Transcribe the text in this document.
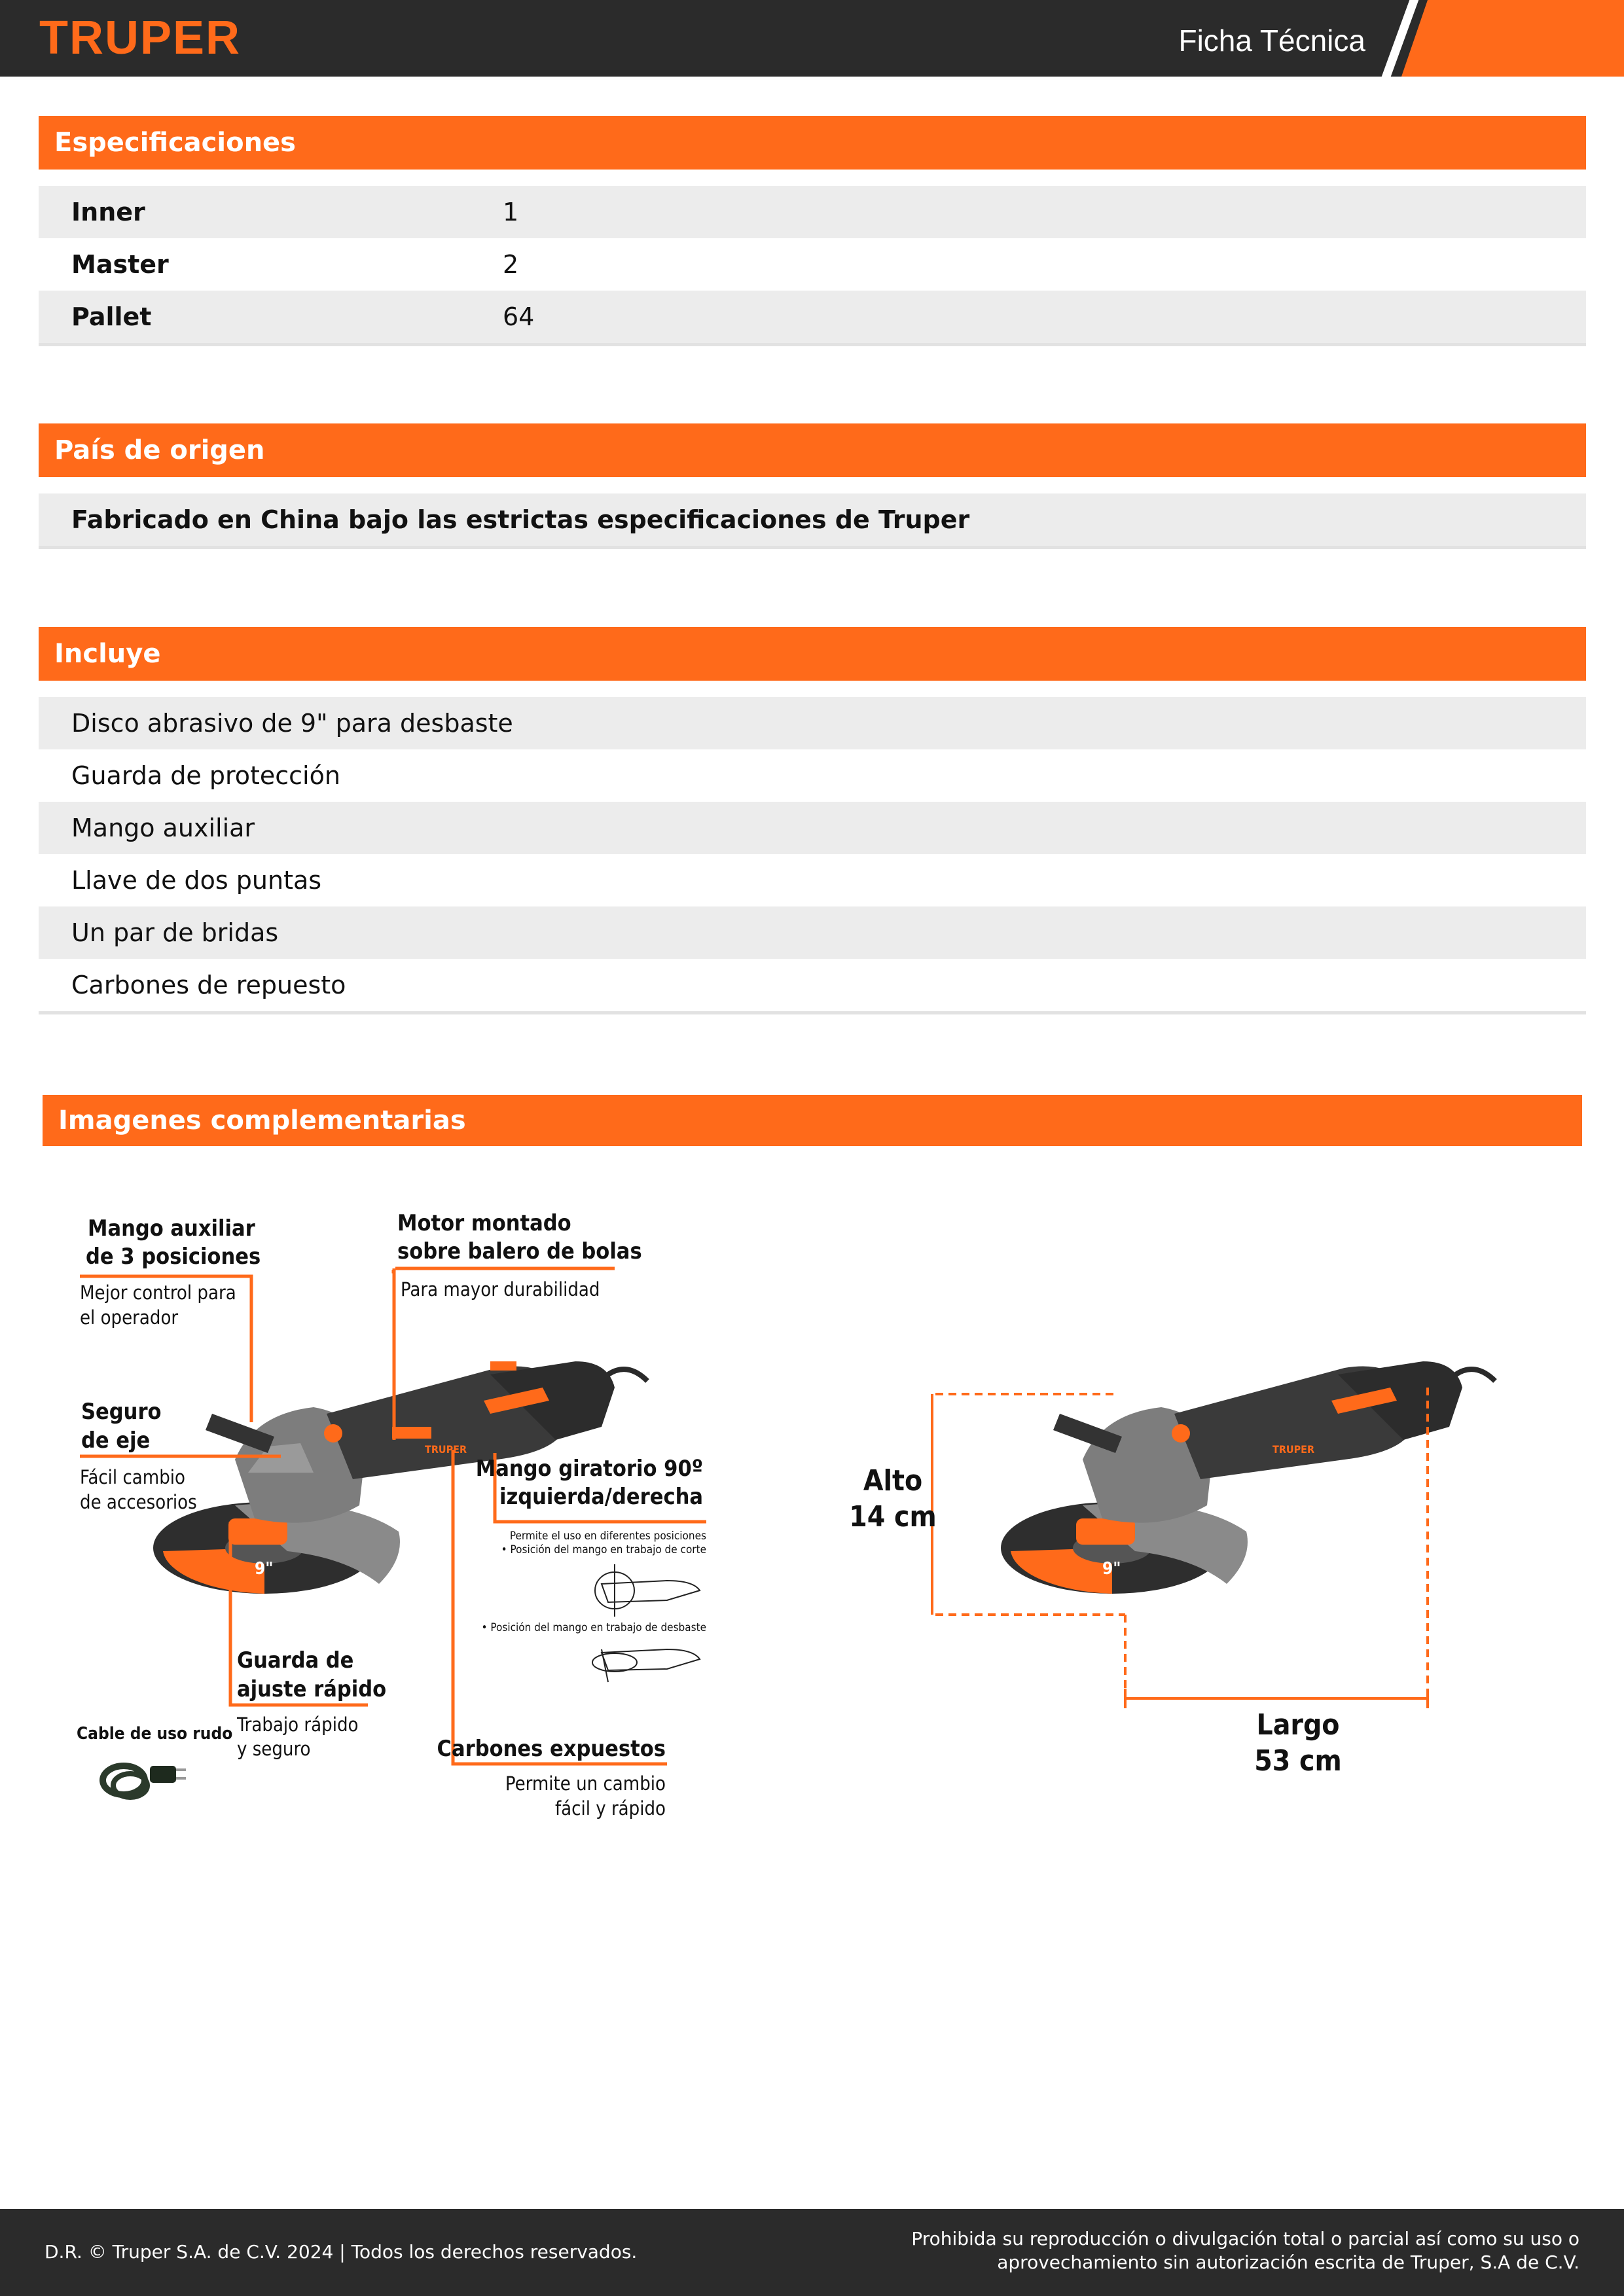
TRUPER	Ficha Técnica
Especificaciones
Inner	1
Master	2
Pallet	64
País de origen
Fabricado en China bajo las estrictas especificaciones de Truper
Incluye
Disco abrasivo de 9" para desbaste
Guarda de protección
Mango auxiliar
Llave de dos puntas
Un par de bridas
Carbones de repuesto
Imagenes complementarias
TRUPER
9"
Mango auxiliar
de 3 posiciones
Mejor control para
el operador
Motor montado
sobre balero de bolas
Para mayor durabilidad
Seguro
de eje
Fácil cambio
de accesorios
Mango giratorio 90º
izquierda/derecha
Permite el uso en diferentes posiciones
• Posición del mango en trabajo de corte
• Posición del mango en trabajo de desbaste
Guarda de
ajuste rápido
Trabajo rápido
y seguro
Cable de uso rudo
Carbones expuestos
Permite un cambio
fácil y rápido
TRUPER
9"
Alto
14 cm
Largo
53 cm
D.R. © Truper S.A. de C.V. 2024 | Todos los derechos reservados.
Prohibida su reproducción o divulgación total o parcial así como su uso o
aprovechamiento sin autorización escrita de Truper, S.A de C.V.
